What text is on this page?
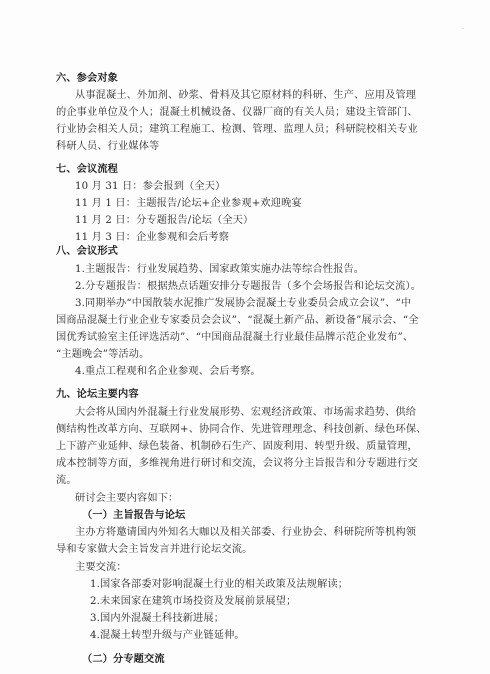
.
六、参会对象
从事混凝土、外加剂、砂浆、骨料及其它原材料的科研、生产、应用及管理
的企事业单位及个人；混凝土机械设备、仪器厂商的有关人员；建设主管部门、
行业协会相关人员；建筑工程施工、检测、管理、监理人员；科研院校相关专业
科研人员、行业媒体等
七、会议流程
10 月 31 日：参会报到（全天）
11 月 1 日：主题报告/论坛+企业参观+欢迎晚宴
11 月 2 日：分专题报告/论坛（全天）
11 月 3 日：企业参观和会后考察
八、会议形式
1.主题报告：行业发展趋势、国家政策实施办法等综合性报告。
2.分专题报告：根据热点话题安排分专题报告（多个会场报告和论坛交流）。
3.同期举办“中国散装水泥推广发展协会混凝土专业委员会成立会议”、“中
国商品混凝土行业企业专家委员会会议”、“混凝土新产品、新设备”展示会、“全
国优秀试验室主任评选活动”、“中国商品混凝土行业最佳品牌示范企业发布”、
“主题晚会”等活动。
4.重点工程观和名企业参观、会后考察。
九、论坛主要内容
大会将从国内外混凝土行业发展形势、宏观经济政策、市场需求趋势、供给
侧结构性改革方向、互联网+、协同合作、先进管理理念、科技创新、绿色环保、
上下游产业延伸、绿色装备、机制砂石生产、固废利用、转型升级、质量管理，
成本控制等方面，多维视角进行研讨和交流，会议将分主旨报告和分专题进行交
流。
研讨会主要内容如下：
（一）主旨报告与论坛
主办方将邀请国内外知名大咖以及相关部委、行业协会、科研院所等机构领
导和专家做大会主旨发言并进行论坛交流。
主要交流：
1.国家各部委对影响混凝土行业的相关政策及法规解读；
2.未来国家在建筑市场投资及发展前景展望；
3.国内外混凝土科技新进展；
4.混凝土转型升级与产业链延伸。
（二）分专题交流
